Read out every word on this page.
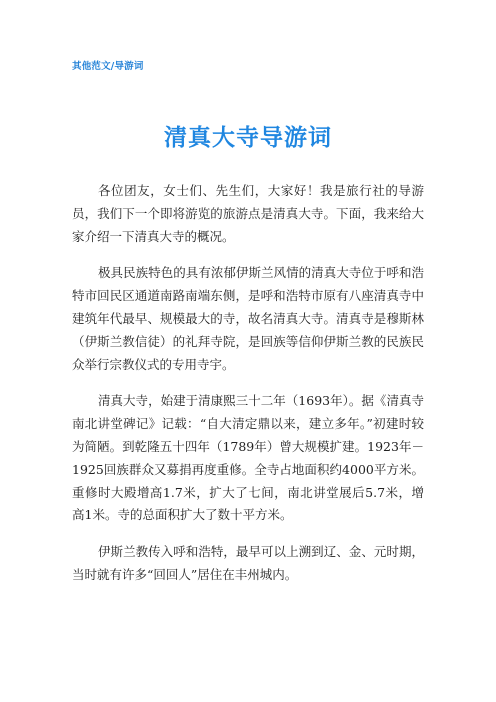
其他范文/导游词
清真大寺导游词

各位团友，女士们、先生们，大家好！我是旅行社的导游员，我们下一个即将游览的旅游点是清真大寺。下面，我来给大家介绍一下清真大寺的概况。

极具民族特色的具有浓郁伊斯兰风情的清真大寺位于呼和浩特市回民区通道南路南端东侧，是呼和浩特市原有八座清真寺中建筑年代最早、规模最大的寺，故名清真大寺。清真寺是穆斯林（伊斯兰教信徒）的礼拜寺院，是回族等信仰伊斯兰教的民族民众举行宗教仪式的专用寺宇。

清真大寺，始建于清康熙三十二年（1693年）。据《清真寺南北讲堂碑记》记载：“自大清定鼎以来，建立多年。”初建时较为简陋。到乾隆五十四年（1789年）曾大规模扩建。1923年－1925回族群众又募捐再度重修。全寺占地面积约4000平方米。重修时大殿增高1.7米，扩大了七间，南北讲堂展后5.7米，增高1米。寺的总面积扩大了数十平方米。

伊斯兰教传入呼和浩特，最早可以上溯到辽、金、元时期，当时就有许多“回回人”居住在丰州城内。
